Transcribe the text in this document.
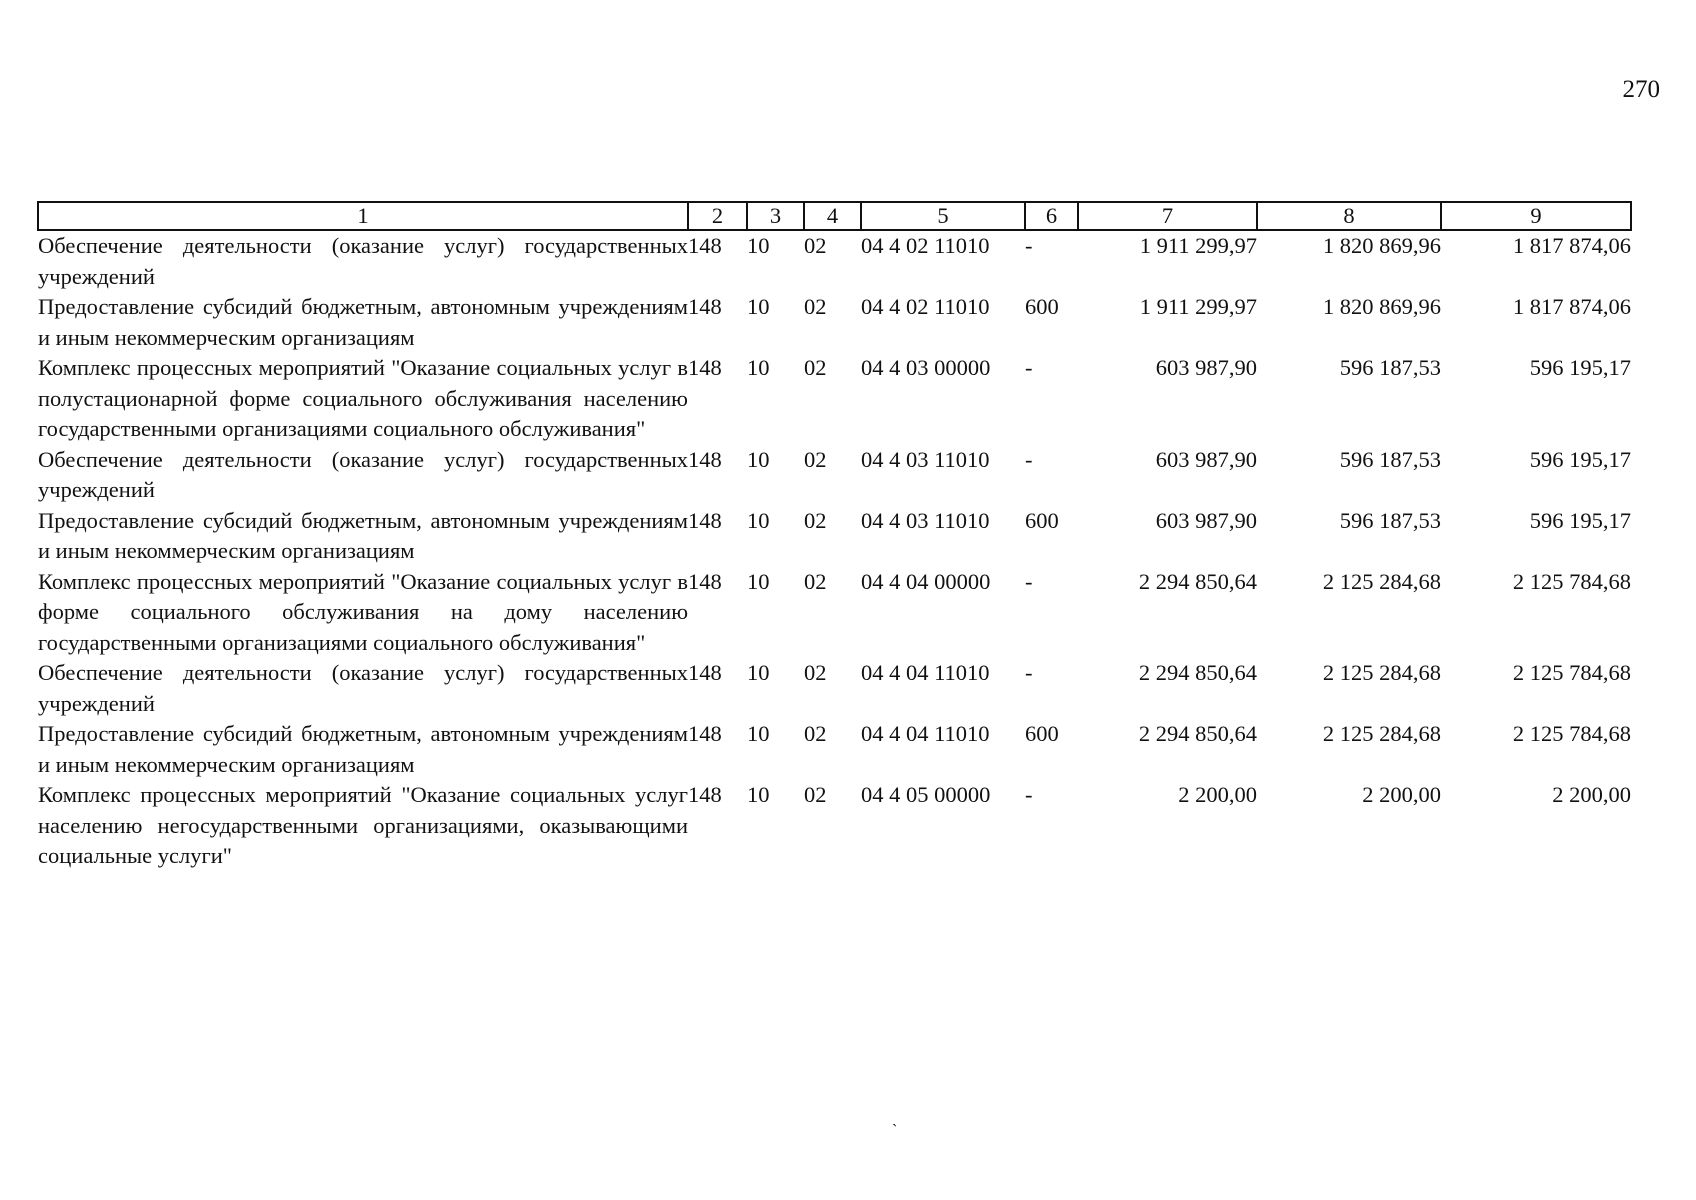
270
1	2	3	4	5	6	7	8	9
Обеспечение деятельности (оказание услуг) государственных учреждений	148	10	02	04 4 02 11010	-	1 911 299,97	1 820 869,96	1 817 874,06
Предоставление субсидий бюджетным, автономным учреждениям и иным некоммерческим организациям	148	10	02	04 4 02 11010	600	1 911 299,97	1 820 869,96	1 817 874,06
Комплекс процессных мероприятий "Оказание социальных услуг в полустационарной форме социального обслуживания населению государственными организациями социального обслуживания"	148	10	02	04 4 03 00000	-	603 987,90	596 187,53	596 195,17
Обеспечение деятельности (оказание услуг) государственных учреждений	148	10	02	04 4 03 11010	-	603 987,90	596 187,53	596 195,17
Предоставление субсидий бюджетным, автономным учреждениям и иным некоммерческим организациям	148	10	02	04 4 03 11010	600	603 987,90	596 187,53	596 195,17
Комплекс процессных мероприятий "Оказание социальных услуг в форме социального обслуживания на дому населению государственными организациями социального обслуживания"	148	10	02	04 4 04 00000	-	2 294 850,64	2 125 284,68	2 125 784,68
Обеспечение деятельности (оказание услуг) государственных учреждений	148	10	02	04 4 04 11010	-	2 294 850,64	2 125 284,68	2 125 784,68
Предоставление субсидий бюджетным, автономным учреждениям и иным некоммерческим организациям	148	10	02	04 4 04 11010	600	2 294 850,64	2 125 284,68	2 125 784,68
Комплекс процессных мероприятий "Оказание социальных услуг населению негосударственными организациями, оказывающими социальные услуги"	148	10	02	04 4 05 00000	-	2 200,00	2 200,00	2 200,00
`
